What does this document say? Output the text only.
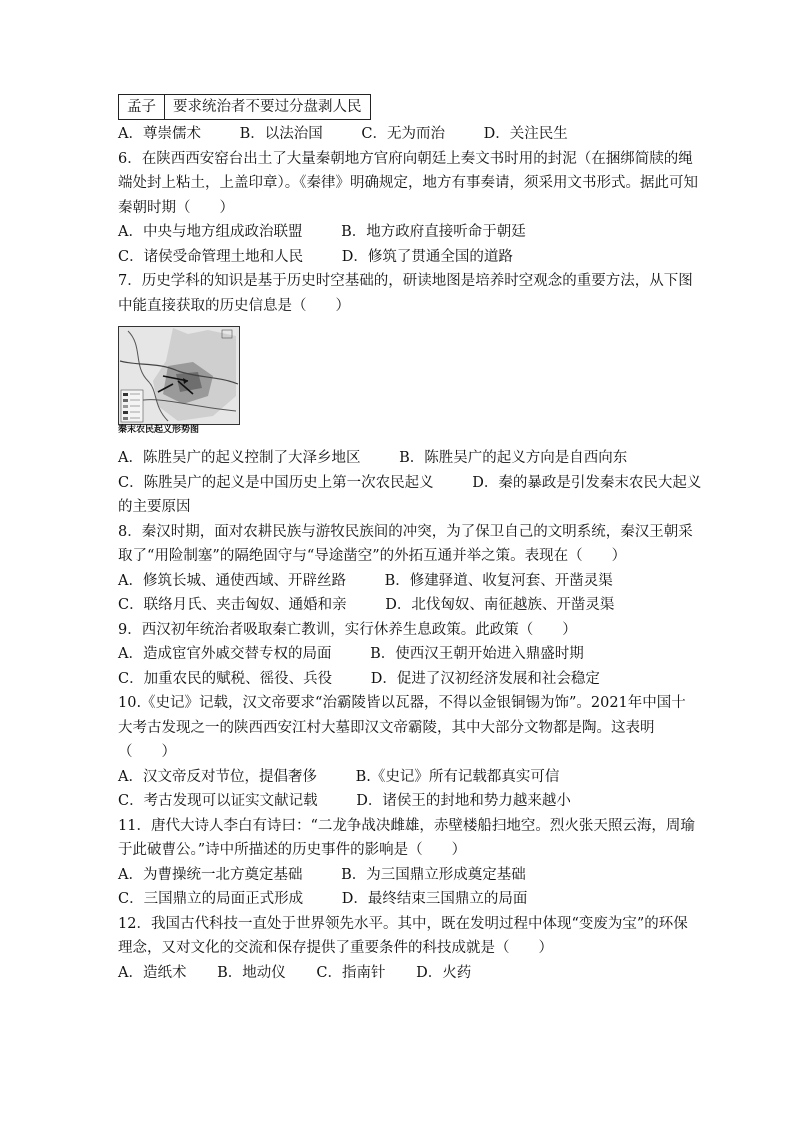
孟子	要求统治者不要过分盘剥人民
A．尊崇儒术	B．以法治国	C．无为而治	D．关注民生
6．在陕西西安窑台出土了大量秦朝地方官府向朝廷上奏文书时用的封泥（在捆绑简牍的绳
端处封上粘土，上盖印章）。《秦律》明确规定，地方有事奏请，须采用文书形式。据此可知
秦朝时期（　　）
A．中央与地方组成政治联盟	B．地方政府直接听命于朝廷
C．诸侯受命管理土地和人民	D．修筑了贯通全国的道路
7．历史学科的知识是基于历史时空基础的，研读地图是培养时空观念的重要方法，从下图
中能直接获取的历史信息是（　　）
秦末农民起义形势图
A．陈胜吴广的起义控制了大泽乡地区	B．陈胜吴广的起义方向是自西向东
C．陈胜吴广的起义是中国历史上第一次农民起义	D．秦的暴政是引发秦末农民大起义
的主要原因
8．秦汉时期，面对农耕民族与游牧民族间的冲突，为了保卫自己的文明系统，秦汉王朝采
取了“用险制塞”的隔绝固守与“导途凿空”的外拓互通并举之策。表现在（　　）
A．修筑长城、通使西域、开辟丝路	B．修建驿道、收复河套、开凿灵渠
C．联络月氏、夹击匈奴、通婚和亲	D．北伐匈奴、南征越族、开凿灵渠
9．西汉初年统治者吸取秦亡教训，实行休养生息政策。此政策（　　）
A．造成宦官外戚交替专权的局面	B．使西汉王朝开始进入鼎盛时期
C．加重农民的赋税、徭役、兵役	D．促进了汉初经济发展和社会稳定
10.《史记》记载，汉文帝要求“治霸陵皆以瓦器，不得以金银铜锡为饰”。2021年中国十
大考古发现之一的陕西西安江村大墓即汉文帝霸陵，其中大部分文物都是陶。这表明
（　　）
A．汉文帝反对节位，提倡奢侈	B.《史记》所有记载都真实可信
C．考古发现可以证实文献记载	D．诸侯王的封地和势力越来越小
11．唐代大诗人李白有诗曰：“二龙争战决雌雄，赤壁楼船扫地空。烈火张天照云海，周瑜
于此破曹公。”诗中所描述的历史事件的影响是（　　）
A．为曹操统一北方奠定基础	B．为三国鼎立形成奠定基础
C．三国鼎立的局面正式形成	D．最终结束三国鼎立的局面
12．我国古代科技一直处于世界领先水平。其中，既在发明过程中体现“变废为宝”的环保
理念，又对文化的交流和保存提供了重要条件的科技成就是（　　）
A．造纸术 B．地动仪 C．指南针 D．火药
